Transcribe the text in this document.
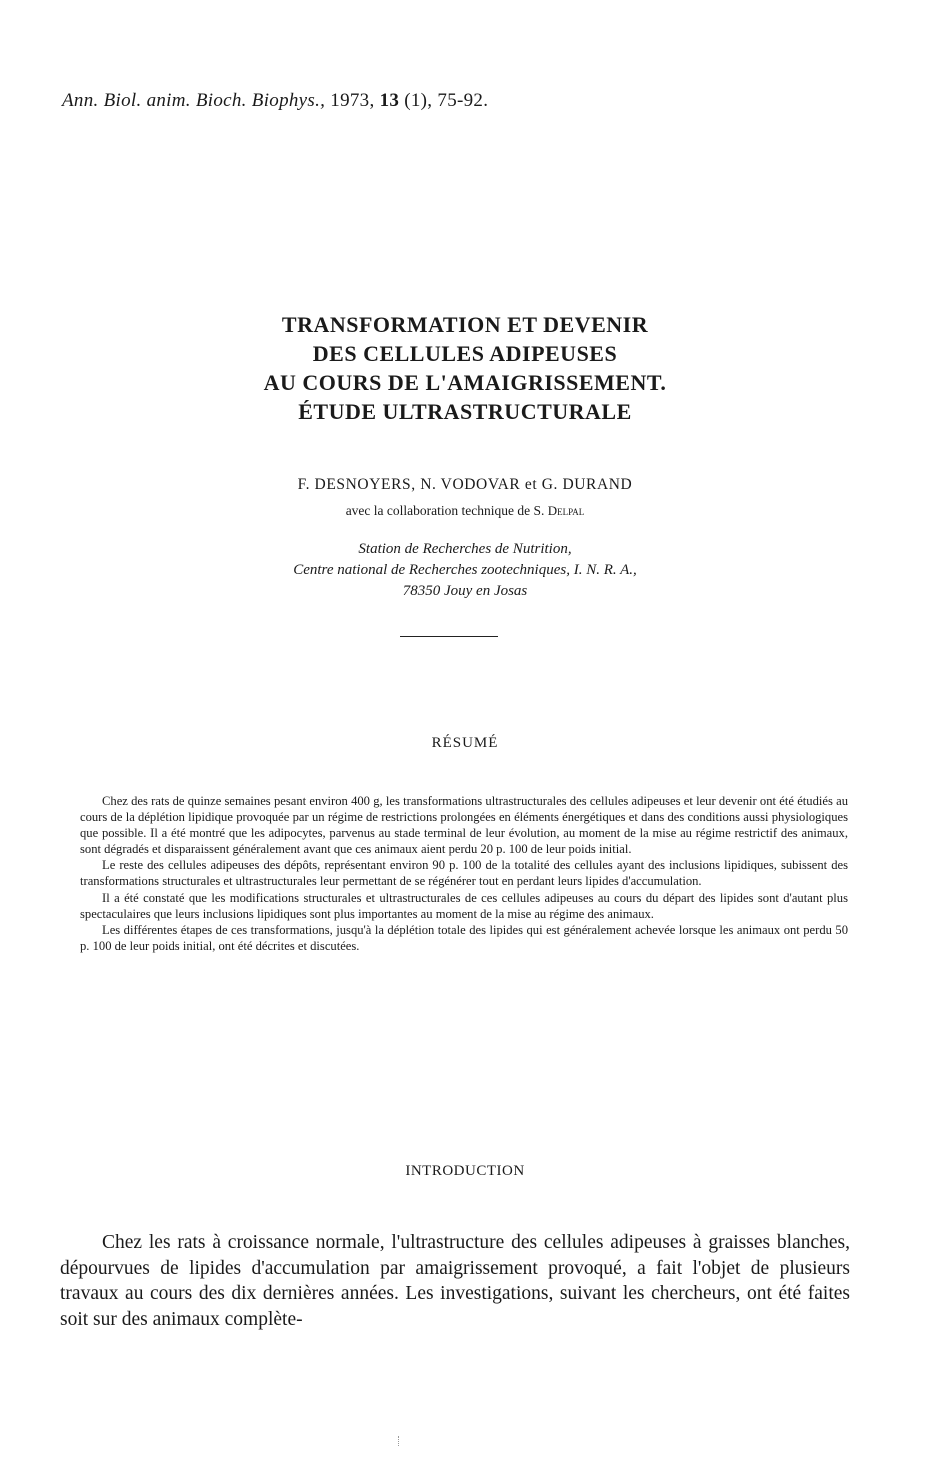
Ann. Biol. anim. Bioch. Biophys., 1973, 13 (1), 75-92.
TRANSFORMATION ET DEVENIR
DES CELLULES ADIPEUSES
AU COURS DE L'AMAIGRISSEMENT.
ÉTUDE ULTRASTRUCTURALE
F. DESNOYERS, N. VODOVAR et G. DURAND
avec la collaboration technique de S. Delpal
Station de Recherches de Nutrition,
Centre national de Recherches zootechniques, I. N. R. A.,
78350 Jouy en Josas
RÉSUMÉ

Chez des rats de quinze semaines pesant environ 400 g, les transformations ultrastructurales des cellules adipeuses et leur devenir ont été étudiés au cours de la déplétion lipidique provoquée par un régime de restrictions prolongées en éléments énergétiques et dans des conditions aussi physiologiques que possible. Il a été montré que les adipocytes, parvenus au stade terminal de leur évolution, au moment de la mise au régime restrictif des animaux, sont dégradés et disparaissent généralement avant que ces animaux aient perdu 20 p. 100 de leur poids initial.

Le reste des cellules adipeuses des dépôts, représentant environ 90 p. 100 de la totalité des cellules ayant des inclusions lipidiques, subissent des transformations structurales et ultrastructurales leur permettant de se régénérer tout en perdant leurs lipides d'accumulation.

Il a été constaté que les modifications structurales et ultrastructurales de ces cellules adipeuses au cours du départ des lipides sont d'autant plus spectaculaires que leurs inclusions lipidiques sont plus importantes au moment de la mise au régime des animaux.

Les différentes étapes de ces transformations, jusqu'à la déplétion totale des lipides qui est généralement achevée lorsque les animaux ont perdu 50 p. 100 de leur poids initial, ont été décrites et discutées.

INTRODUCTION

Chez les rats à croissance normale, l'ultrastructure des cellules adipeuses à graisses blanches, dépourvues de lipides d'accumulation par amaigrissement provoqué, a fait l'objet de plusieurs travaux au cours des dix dernières années. Les investigations, suivant les chercheurs, ont été faites soit sur des animaux complète-
